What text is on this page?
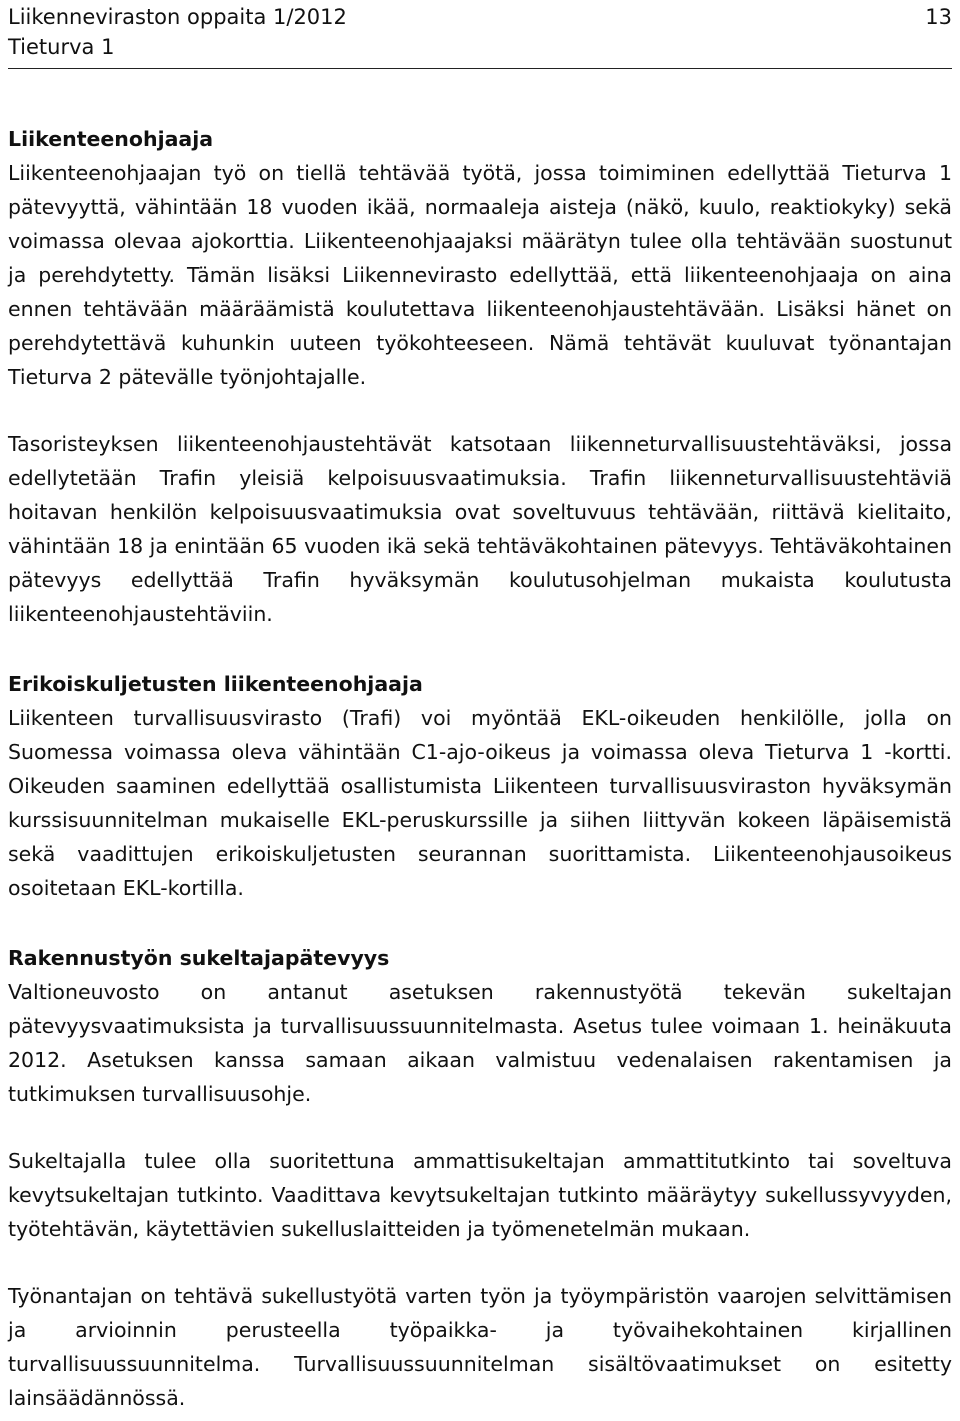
Liikenneviraston oppaita 1/2012
Tieturva 1
13
Liikenteenohjaaja

Liikenteenohjaajan työ on tiellä tehtävää työtä, jossa toimiminen edellyttää Tieturva 1 pätevyyttä, vähintään 18 vuoden ikää, normaaleja aisteja (näkö, kuulo, reaktiokyky) sekä voimassa olevaa ajokorttia. Liikenteenohjaajaksi määrätyn tulee olla tehtävään suostunut ja perehdytetty. Tämän lisäksi Liikennevirasto edellyttää, että liikenteenohjaaja on aina ennen tehtävään määräämistä koulutettava liikenteenohjaustehtävään. Lisäksi hänet on perehdytettävä kuhunkin uuteen työkohteeseen. Nämä tehtävät kuuluvat työnantajan Tieturva 2 pätevälle työnjohtajalle.

Tasoristeyksen liikenteenohjaustehtävät katsotaan liikenneturvallisuustehtäväksi, jossa edellytetään Trafin yleisiä kelpoisuusvaatimuksia. Trafin liikenneturvallisuustehtäviä hoitavan henkilön kelpoisuusvaatimuksia ovat soveltuvuus tehtävään, riittävä kielitaito, vähintään 18 ja enintään 65 vuoden ikä sekä tehtäväkohtainen pätevyys. Tehtäväkohtainen pätevyys edellyttää Trafin hyväksymän koulutusohjelman mukaista koulutusta liikenteenohjaustehtäviin.

Erikoiskuljetusten liikenteenohjaaja

Liikenteen turvallisuusvirasto (Trafi) voi myöntää EKL-oikeuden henkilölle, jolla on Suomessa voimassa oleva vähintään C1-ajo-oikeus ja voimassa oleva Tieturva 1 -kortti. Oikeuden saaminen edellyttää osallistumista Liikenteen turvallisuusviraston hyväksymän kurssisuunnitelman mukaiselle EKL-peruskurssille ja siihen liittyvän kokeen läpäisemistä sekä vaadittujen erikoiskuljetusten seurannan suorittamista. Liikenteenohjausoikeus osoitetaan EKL-kortilla.

Rakennustyön sukeltajapätevyys

Valtioneuvosto on antanut asetuksen rakennustyötä tekevän sukeltajan pätevyysvaatimuksista ja turvallisuussuunnitelmasta. Asetus tulee voimaan 1. heinäkuuta 2012. Asetuksen kanssa samaan aikaan valmistuu vedenalaisen rakentamisen ja tutkimuksen turvallisuusohje.

Sukeltajalla tulee olla suoritettuna ammattisukeltajan ammattitutkinto tai soveltuva kevytsukeltajan tutkinto. Vaadittava kevytsukeltajan tutkinto määräytyy sukellussyvyyden, työtehtävän, käytettävien sukelluslaitteiden ja työmenetelmän mukaan.

Työnantajan on tehtävä sukellustyötä varten työn ja työympäristön vaarojen selvittämisen ja arvioinnin perusteella työpaikka- ja työvaihekohtainen kirjallinen turvallisuussuunnitelma. Turvallisuussuunnitelman sisältövaatimukset on esitetty lainsäädännössä.
